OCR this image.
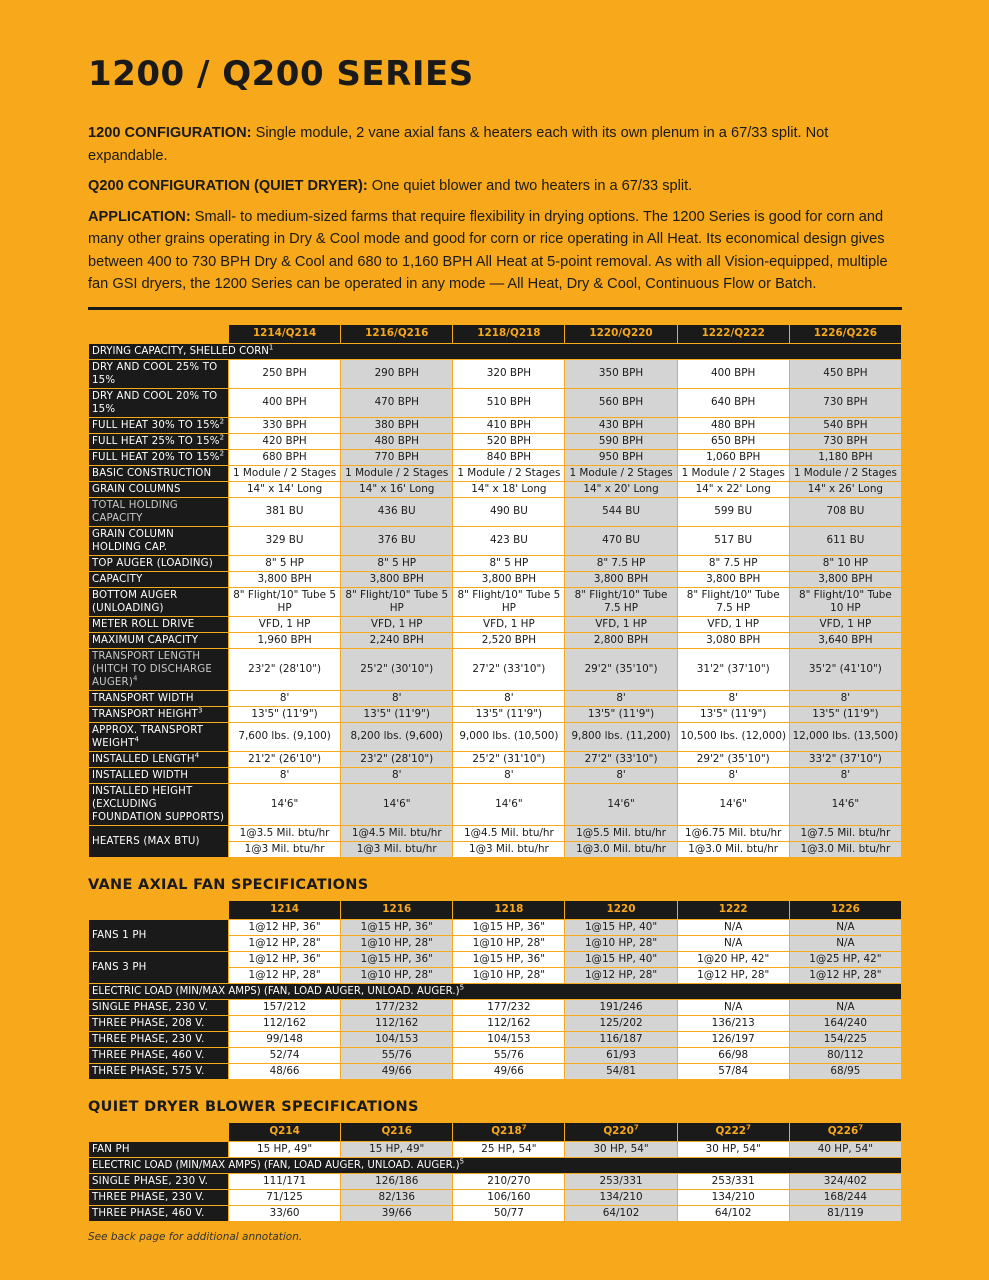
1200 / Q200 SERIES

1200 CONFIGURATION: Single module, 2 vane axial fans & heaters each with its own plenum in a 67/33 split. Not expandable.

Q200 CONFIGURATION (QUIET DRYER): One quiet blower and two heaters in a 67/33 split.

APPLICATION: Small- to medium-sized farms that require flexibility in drying options. The 1200 Series is good for corn and many other grains operating in Dry & Cool mode and good for corn or rice operating in All Heat. Its economical design gives between 400 to 730 BPH Dry & Cool and 680 to 1,160 BPH All Heat at 5-point removal. As with all Vision-equipped, multiple fan GSI dryers, the 1200 Series can be operated in any mode — All Heat, Dry & Cool, Continuous Flow or Batch.

	1214/Q214	1216/Q216	1218/Q218	1220/Q220	1222/Q222	1226/Q226
DRYING CAPACITY, SHELLED CORN$^1$
DRY AND COOL 25% TO 15%	250 BPH	290 BPH	320 BPH	350 BPH	400 BPH	450 BPH
DRY AND COOL 20% TO 15%	400 BPH	470 BPH	510 BPH	560 BPH	640 BPH	730 BPH
FULL HEAT 30% TO 15%$^2$	330 BPH	380 BPH	410 BPH	430 BPH	480 BPH	540 BPH
FULL HEAT 25% TO 15%$^2$	420 BPH	480 BPH	520 BPH	590 BPH	650 BPH	730 BPH
FULL HEAT 20% TO 15%$^2$	680 BPH	770 BPH	840 BPH	950 BPH	1,060 BPH	1,180 BPH
BASIC CONSTRUCTION	1 Module / 2 Stages	1 Module / 2 Stages	1 Module / 2 Stages	1 Module / 2 Stages	1 Module / 2 Stages	1 Module / 2 Stages
GRAIN COLUMNS	14" x 14' Long	14" x 16' Long	14" x 18' Long	14" x 20' Long	14" x 22' Long	14" x 26' Long
TOTAL HOLDING CAPACITY	381 BU	436 BU	490 BU	544 BU	599 BU	708 BU
GRAIN COLUMN HOLDING CAP.	329 BU	376 BU	423 BU	470 BU	517 BU	611 BU
TOP AUGER (LOADING)	8" 5 HP	8" 5 HP	8" 5 HP	8" 7.5 HP	8" 7.5 HP	8" 10 HP
CAPACITY	3,800 BPH	3,800 BPH	3,800 BPH	3,800 BPH	3,800 BPH	3,800 BPH
BOTTOM AUGER (UNLOADING)	8" Flight/10" Tube 5 HP	8" Flight/10" Tube 5 HP	8" Flight/10" Tube 5 HP	8" Flight/10" Tube 7.5 HP	8" Flight/10" Tube 7.5 HP	8" Flight/10" Tube 10 HP
METER ROLL DRIVE	VFD, 1 HP	VFD, 1 HP	VFD, 1 HP	VFD, 1 HP	VFD, 1 HP	VFD, 1 HP
MAXIMUM CAPACITY	1,960 BPH	2,240 BPH	2,520 BPH	2,800 BPH	3,080 BPH	3,640 BPH
TRANSPORT LENGTH (HITCH TO DISCHARGE AUGER)$^4$	23'2" (28'10")	25'2" (30'10")	27'2" (33'10")	29'2" (35'10")	31'2" (37'10")	35'2" (41'10")
TRANSPORT WIDTH	8'	8'	8'	8'	8'	8'
TRANSPORT HEIGHT$^3$	13'5" (11'9")	13'5" (11'9")	13'5" (11'9")	13'5" (11'9")	13'5" (11'9")	13'5" (11'9")
APPROX. TRANSPORT WEIGHT$^4$	7,600 lbs. (9,100)	8,200 lbs. (9,600)	9,000 lbs. (10,500)	9,800 lbs. (11,200)	10,500 lbs. (12,000)	12,000 lbs. (13,500)
INSTALLED LENGTH$^4$	21'2" (26'10")	23'2" (28'10")	25'2" (31'10")	27'2" (33'10")	29'2" (35'10")	33'2" (37'10")
INSTALLED WIDTH	8'	8'	8'	8'	8'	8'
INSTALLED HEIGHT (EXCLUDING FOUNDATION SUPPORTS)	14'6"	14'6"	14'6"	14'6"	14'6"	14'6"
HEATERS (MAX BTU)	1@3.5 Mil. btu/hr	1@4.5 Mil. btu/hr	1@4.5 Mil. btu/hr	1@5.5 Mil. btu/hr	1@6.75 Mil. btu/hr	1@7.5 Mil. btu/hr
	1@3 Mil. btu/hr	1@3 Mil. btu/hr	1@3 Mil. btu/hr	1@3.0 Mil. btu/hr	1@3.0 Mil. btu/hr	1@3.0 Mil. btu/hr
VANE AXIAL FAN SPECIFICATIONS
	1214	1216	1218	1220	1222	1226
FANS 1 PH	1@12 HP, 36"	1@15 HP, 36"	1@15 HP, 36"	1@15 HP, 40"	N/A	N/A
	1@12 HP, 28"	1@10 HP, 28"	1@10 HP, 28"	1@10 HP, 28"	N/A	N/A
FANS 3 PH	1@12 HP, 36"	1@15 HP, 36"	1@15 HP, 36"	1@15 HP, 40"	1@20 HP, 42"	1@25 HP, 42"
	1@12 HP, 28"	1@10 HP, 28"	1@10 HP, 28"	1@12 HP, 28"	1@12 HP, 28"	1@12 HP, 28"
ELECTRIC LOAD (MIN/MAX AMPS) (FAN, LOAD AUGER, UNLOAD. AUGER.)$^5$
SINGLE PHASE, 230 V.	157/212	177/232	177/232	191/246	N/A	N/A
THREE PHASE, 208 V.	112/162	112/162	112/162	125/202	136/213	164/240
THREE PHASE, 230 V.	99/148	104/153	104/153	116/187	126/197	154/225
THREE PHASE, 460 V.	52/74	55/76	55/76	61/93	66/98	80/112
THREE PHASE, 575 V.	48/66	49/66	49/66	54/81	57/84	68/95
QUIET DRYER BLOWER SPECIFICATIONS
	Q214	Q216	$Q218^7$	$Q220^7$	$Q222^7$	$Q226^7$
FAN PH	15 HP, 49"	15 HP, 49"	25 HP, 54"	30 HP, 54"	30 HP, 54"	40 HP, 54"
ELECTRIC LOAD (MIN/MAX AMPS) (FAN, LOAD AUGER, UNLOAD. AUGER.)$^5$
SINGLE PHASE, 230 V.	111/171	126/186	210/270	253/331	253/331	324/402
THREE PHASE, 230 V.	71/125	82/136	106/160	134/210	134/210	168/244
THREE PHASE, 460 V.	33/60	39/66	50/77	64/102	64/102	81/119
See back page for additional annotation.
